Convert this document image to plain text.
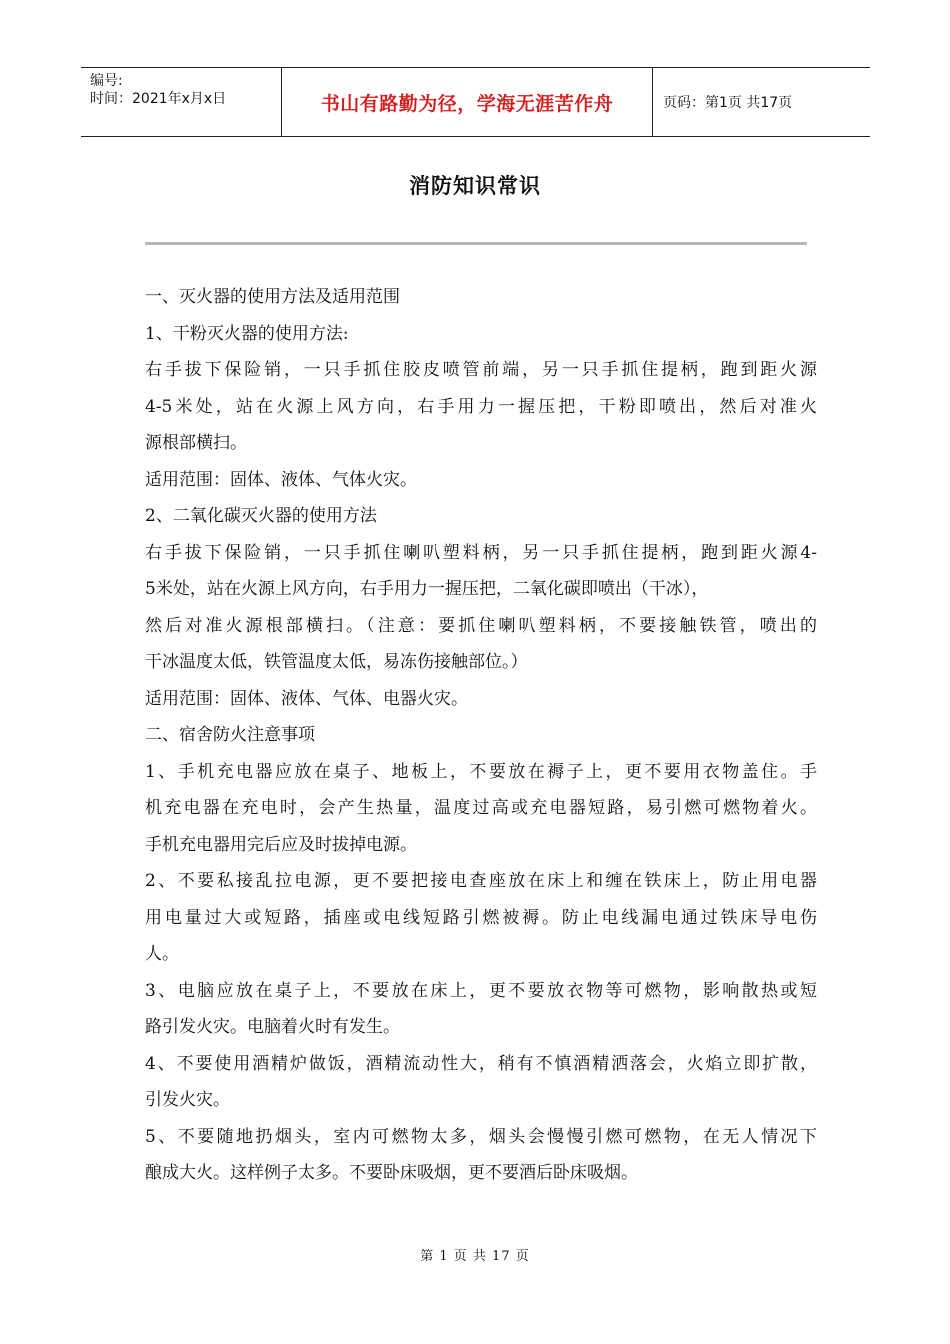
编号:
时间：2021年x月x日	书山有路勤为径，学海无涯苦作舟	页码：第1页 共17页
消防知识常识
一、灭火器的使用方法及适用范围
1、干粉灭火器的使用方法:
右手拔下保险销，一只手抓住胶皮喷管前端，另一只手抓住提柄，跑到距火源
4-5米处，站在火源上风方向，右手用力一握压把，干粉即喷出，然后对准火
源根部横扫。
适用范围：固体、液体、气体火灾。
2、二氧化碳灭火器的使用方法
右手拔下保险销，一只手抓住喇叭塑料柄，另一只手抓住提柄，跑到距火源4-
5米处，站在火源上风方向，右手用力一握压把，二氧化碳即喷出（干冰），
然后对准火源根部横扫。（注意：要抓住喇叭塑料柄，不要接触铁管，喷出的
干冰温度太低，铁管温度太低，易冻伤接触部位。）
适用范围：固体、液体、气体、电器火灾。
二、宿舍防火注意事项
1、手机充电器应放在桌子、地板上，不要放在褥子上，更不要用衣物盖住。手
机充电器在充电时，会产生热量，温度过高或充电器短路，易引燃可燃物着火。
手机充电器用完后应及时拔掉电源。
2、不要私接乱拉电源，更不要把接电查座放在床上和缠在铁床上，防止用电器
用电量过大或短路，插座或电线短路引燃被褥。防止电线漏电通过铁床导电伤
人。
3、电脑应放在桌子上，不要放在床上，更不要放衣物等可燃物，影响散热或短
路引发火灾。电脑着火时有发生。
4、不要使用酒精炉做饭，酒精流动性大，稍有不慎酒精洒落会，火焰立即扩散，
引发火灾。
5、不要随地扔烟头，室内可燃物太多，烟头会慢慢引燃可燃物，在无人情况下
酿成大火。这样例子太多。不要卧床吸烟，更不要酒后卧床吸烟。
第 1 页 共 17 页
